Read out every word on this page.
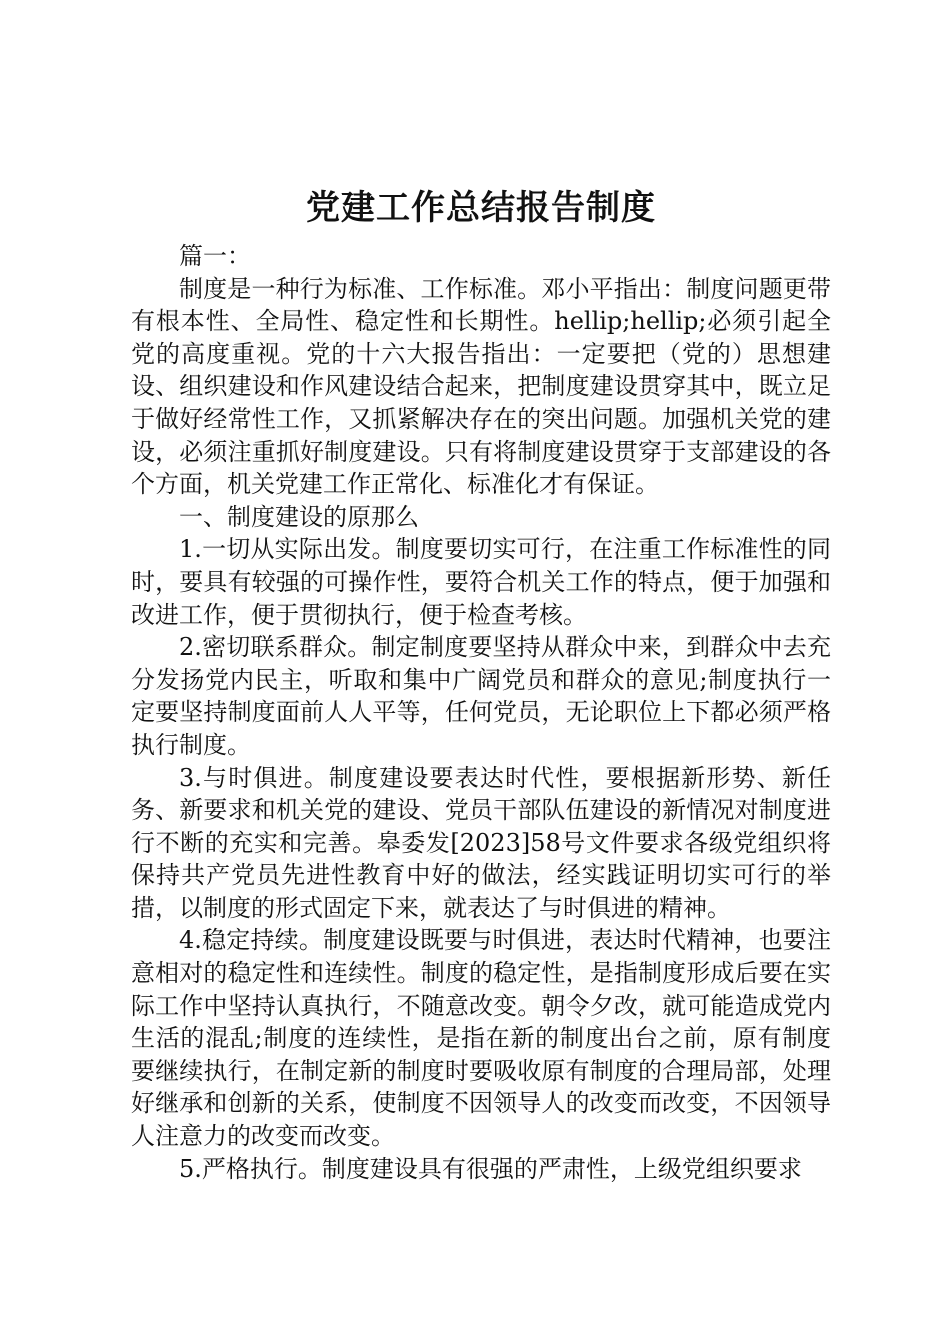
党建工作总结报告制度

篇一：

制度是一种行为标准、工作标准。邓小平指出：制度问题更带有根本性、全局性、稳定性和长期性。hellip;hellip;必须引起全党的高度重视。党的十六大报告指出：一定要把（党的）思想建设、组织建设和作风建设结合起来，把制度建设贯穿其中，既立足于做好经常性工作，又抓紧解决存在的突出问题。加强机关党的建设，必须注重抓好制度建设。只有将制度建设贯穿于支部建设的各个方面，机关党建工作正常化、标准化才有保证。

一、制度建设的原那么

1.一切从实际出发。制度要切实可行，在注重工作标准性的同时，要具有较强的可操作性，要符合机关工作的特点，便于加强和改进工作，便于贯彻执行，便于检查考核。

2.密切联系群众。制定制度要坚持从群众中来，到群众中去充分发扬党内民主，听取和集中广阔党员和群众的意见;制度执行一定要坚持制度面前人人平等，任何党员，无论职位上下都必须严格执行制度。

3.与时俱进。制度建设要表达时代性，要根据新形势、新任务、新要求和机关党的建设、党员干部队伍建设的新情况对制度进行不断的充实和完善。皋委发[2023]58号文件要求各级党组织将保持共产党员先进性教育中好的做法，经实践证明切实可行的举措，以制度的形式固定下来，就表达了与时俱进的精神。

4.稳定持续。制度建设既要与时俱进，表达时代精神，也要注意相对的稳定性和连续性。制度的稳定性，是指制度形成后要在实际工作中坚持认真执行，不随意改变。朝令夕改，就可能造成党内生活的混乱;制度的连续性，是指在新的制度出台之前，原有制度要继续执行，在制定新的制度时要吸收原有制度的合理局部，处理好继承和创新的关系，使制度不因领导人的改变而改变，不因领导人注意力的改变而改变。

5.严格执行。制度建设具有很强的严肃性，上级党组织要求
